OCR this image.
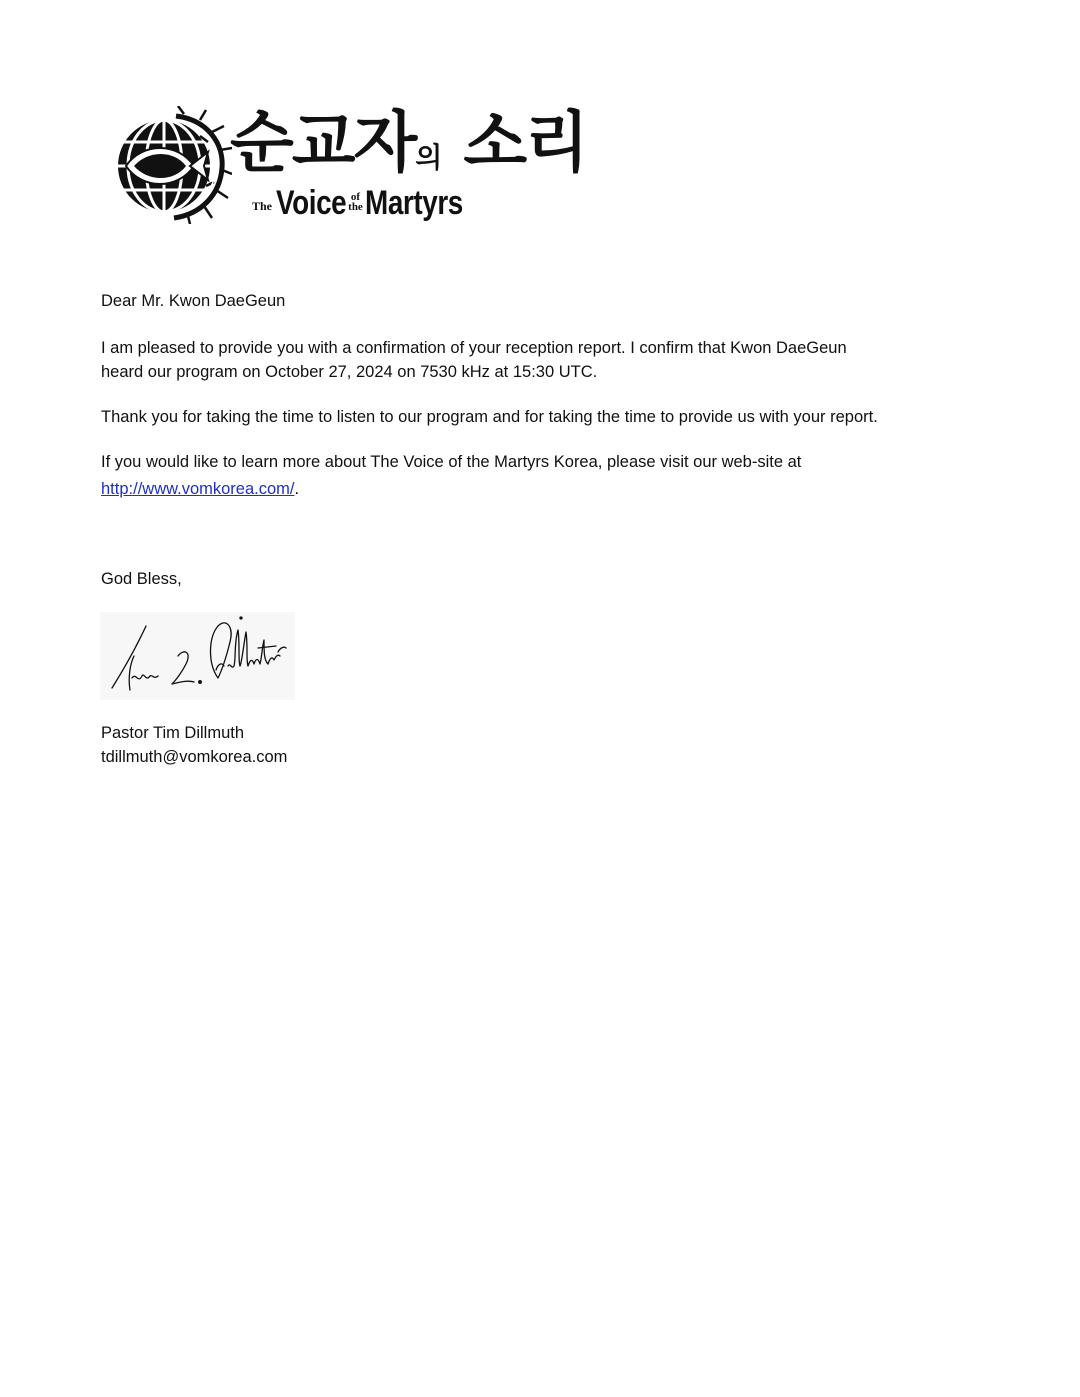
순교자의 소리
$^{The}$ Voice of
theMartyrs
Dear Mr. Kwon DaeGeun
I am pleased to provide you with a confirmation of your reception report. I confirm that Kwon DaeGeun
heard our program on October 27, 2024 on 7530 kHz at 15:30 UTC.
Thank you for taking the time to listen to our program and for taking the time to provide us with your report.
If you would like to learn more about The Voice of the Martyrs Korea, please visit our web-site at
http://www.vomkorea.com/.
God Bless,
Pastor Tim Dillmuth
tdillmuth@vomkorea.com
